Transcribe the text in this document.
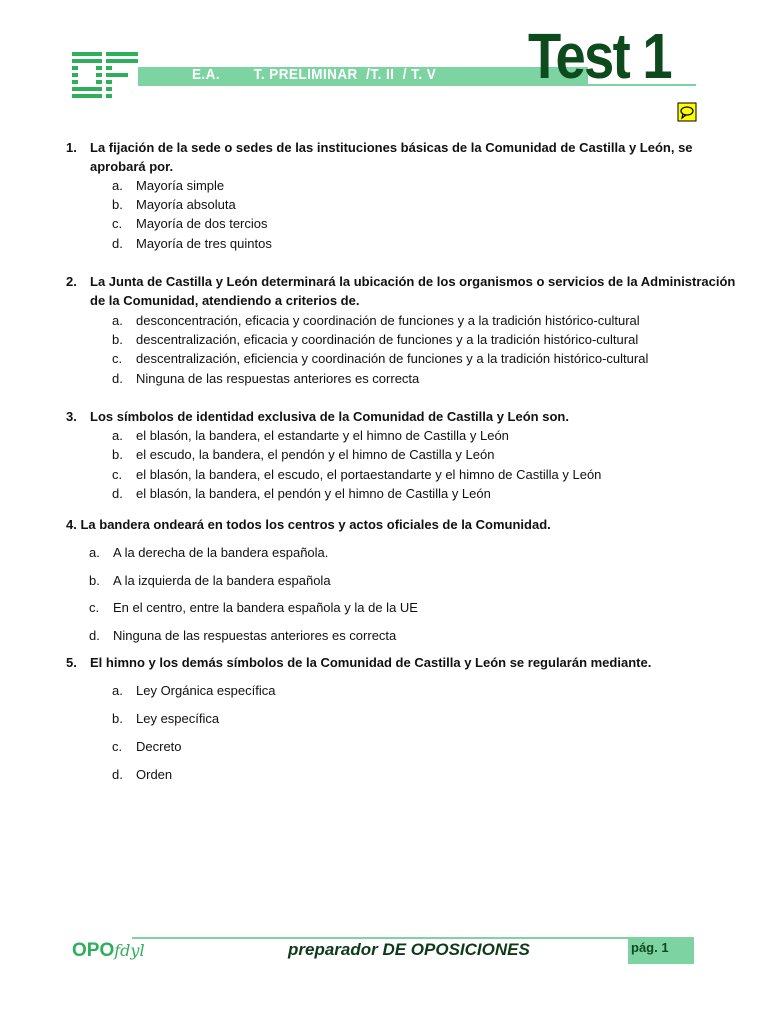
E.A.        T. PRELIMINAR  /T. II  / T. V Test 1
1. La fijación de la sede o sedes de las instituciones básicas de la Comunidad de Castilla y León, se
aprobará por.
a. Mayoría simple
b. Mayoría absoluta
c. Mayoría de dos tercios
d. Mayoría de tres quintos
2. La Junta de Castilla y León determinará la ubicación de los organismos o servicios de la Administración
de la Comunidad, atendiendo a criterios de.
a. desconcentración, eficacia y coordinación de funciones y a la tradición histórico-cultural
b. descentralización, eficacia y coordinación de funciones y a la tradición histórico-cultural
c. descentralización, eficiencia y coordinación de funciones y a la tradición histórico-cultural
d. Ninguna de las respuestas anteriores es correcta
3. Los símbolos de identidad exclusiva de la Comunidad de Castilla y León son.
a. el blasón, la bandera, el estandarte y el himno de Castilla y León
b. el escudo, la bandera, el pendón y el himno de Castilla y León
c. el blasón, la bandera, el escudo, el portaestandarte y el himno de Castilla y León
d. el blasón, la bandera, el pendón y el himno de Castilla y León
4. La bandera ondeará en todos los centros y actos oficiales de la Comunidad.
a. A la derecha de la bandera española.
b. A la izquierda de la bandera española
c. En el centro, entre la bandera española y la de la UE
d. Ninguna de las respuestas anteriores es correcta
5. El himno y los demás símbolos de la Comunidad de Castilla y León se regularán mediante.
a. Ley Orgánica específica
b. Ley específica
c. Decreto
d. Orden
OPOfdyl	preparador DE OPOSICIONES	pág. 1
